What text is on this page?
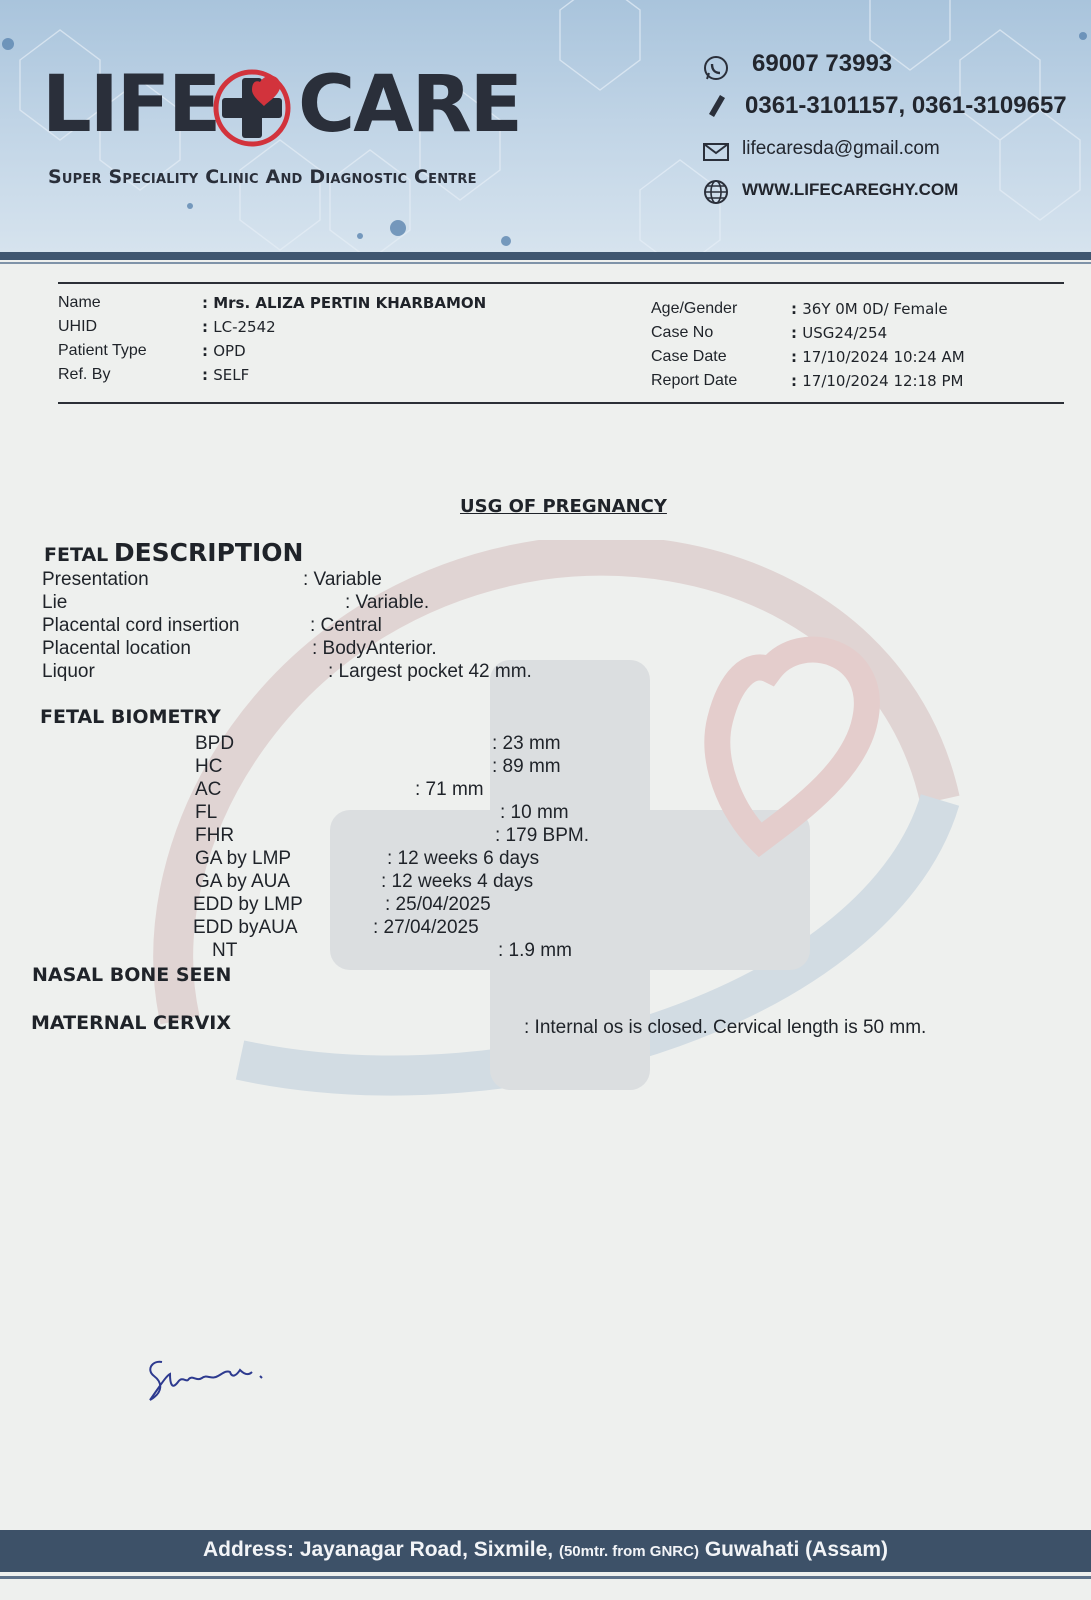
LIFE CARE
Super Speciality Clinic And Diagnostic Centre
69007 73993
0361-3101157, 0361-3109657
lifecaresda@gmail.com
WWW.LIFECAREGHY.COM
Name	: Mrs. ALIZA PERTIN KHARBAMON
UHID	: LC-2542
Patient Type	: OPD
Ref. By	: SELF
Age/Gender	: 36Y 0M 0D/ Female
Case No	: USG24/254
Case Date	: 17/10/2024 10:24 AM
Report Date	: 17/10/2024 12:18 PM
USG OF PREGNANCY
FETAL DESCRIPTION
Presentation	: Variable
Lie	: Variable.
Placental cord insertion	: Central
Placental location	: BodyAnterior.
Liquor	: Largest pocket 42 mm.
FETAL BIOMETRY
BPD	: 23 mm
HC	: 89 mm
AC	: 71 mm
FL	: 10 mm
FHR	: 179 BPM.
GA by LMP	: 12 weeks 6 days
GA by AUA	: 12 weeks 4 days
EDD by LMP	: 25/04/2025
EDD byAUA	: 27/04/2025
NT	: 1.9 mm
NASAL BONE SEEN
MATERNAL CERVIX	: Internal os is closed. Cervical length is 50 mm.
Address: Jayanagar Road, Sixmile, (50mtr. from GNRC) Guwahati (Assam)
